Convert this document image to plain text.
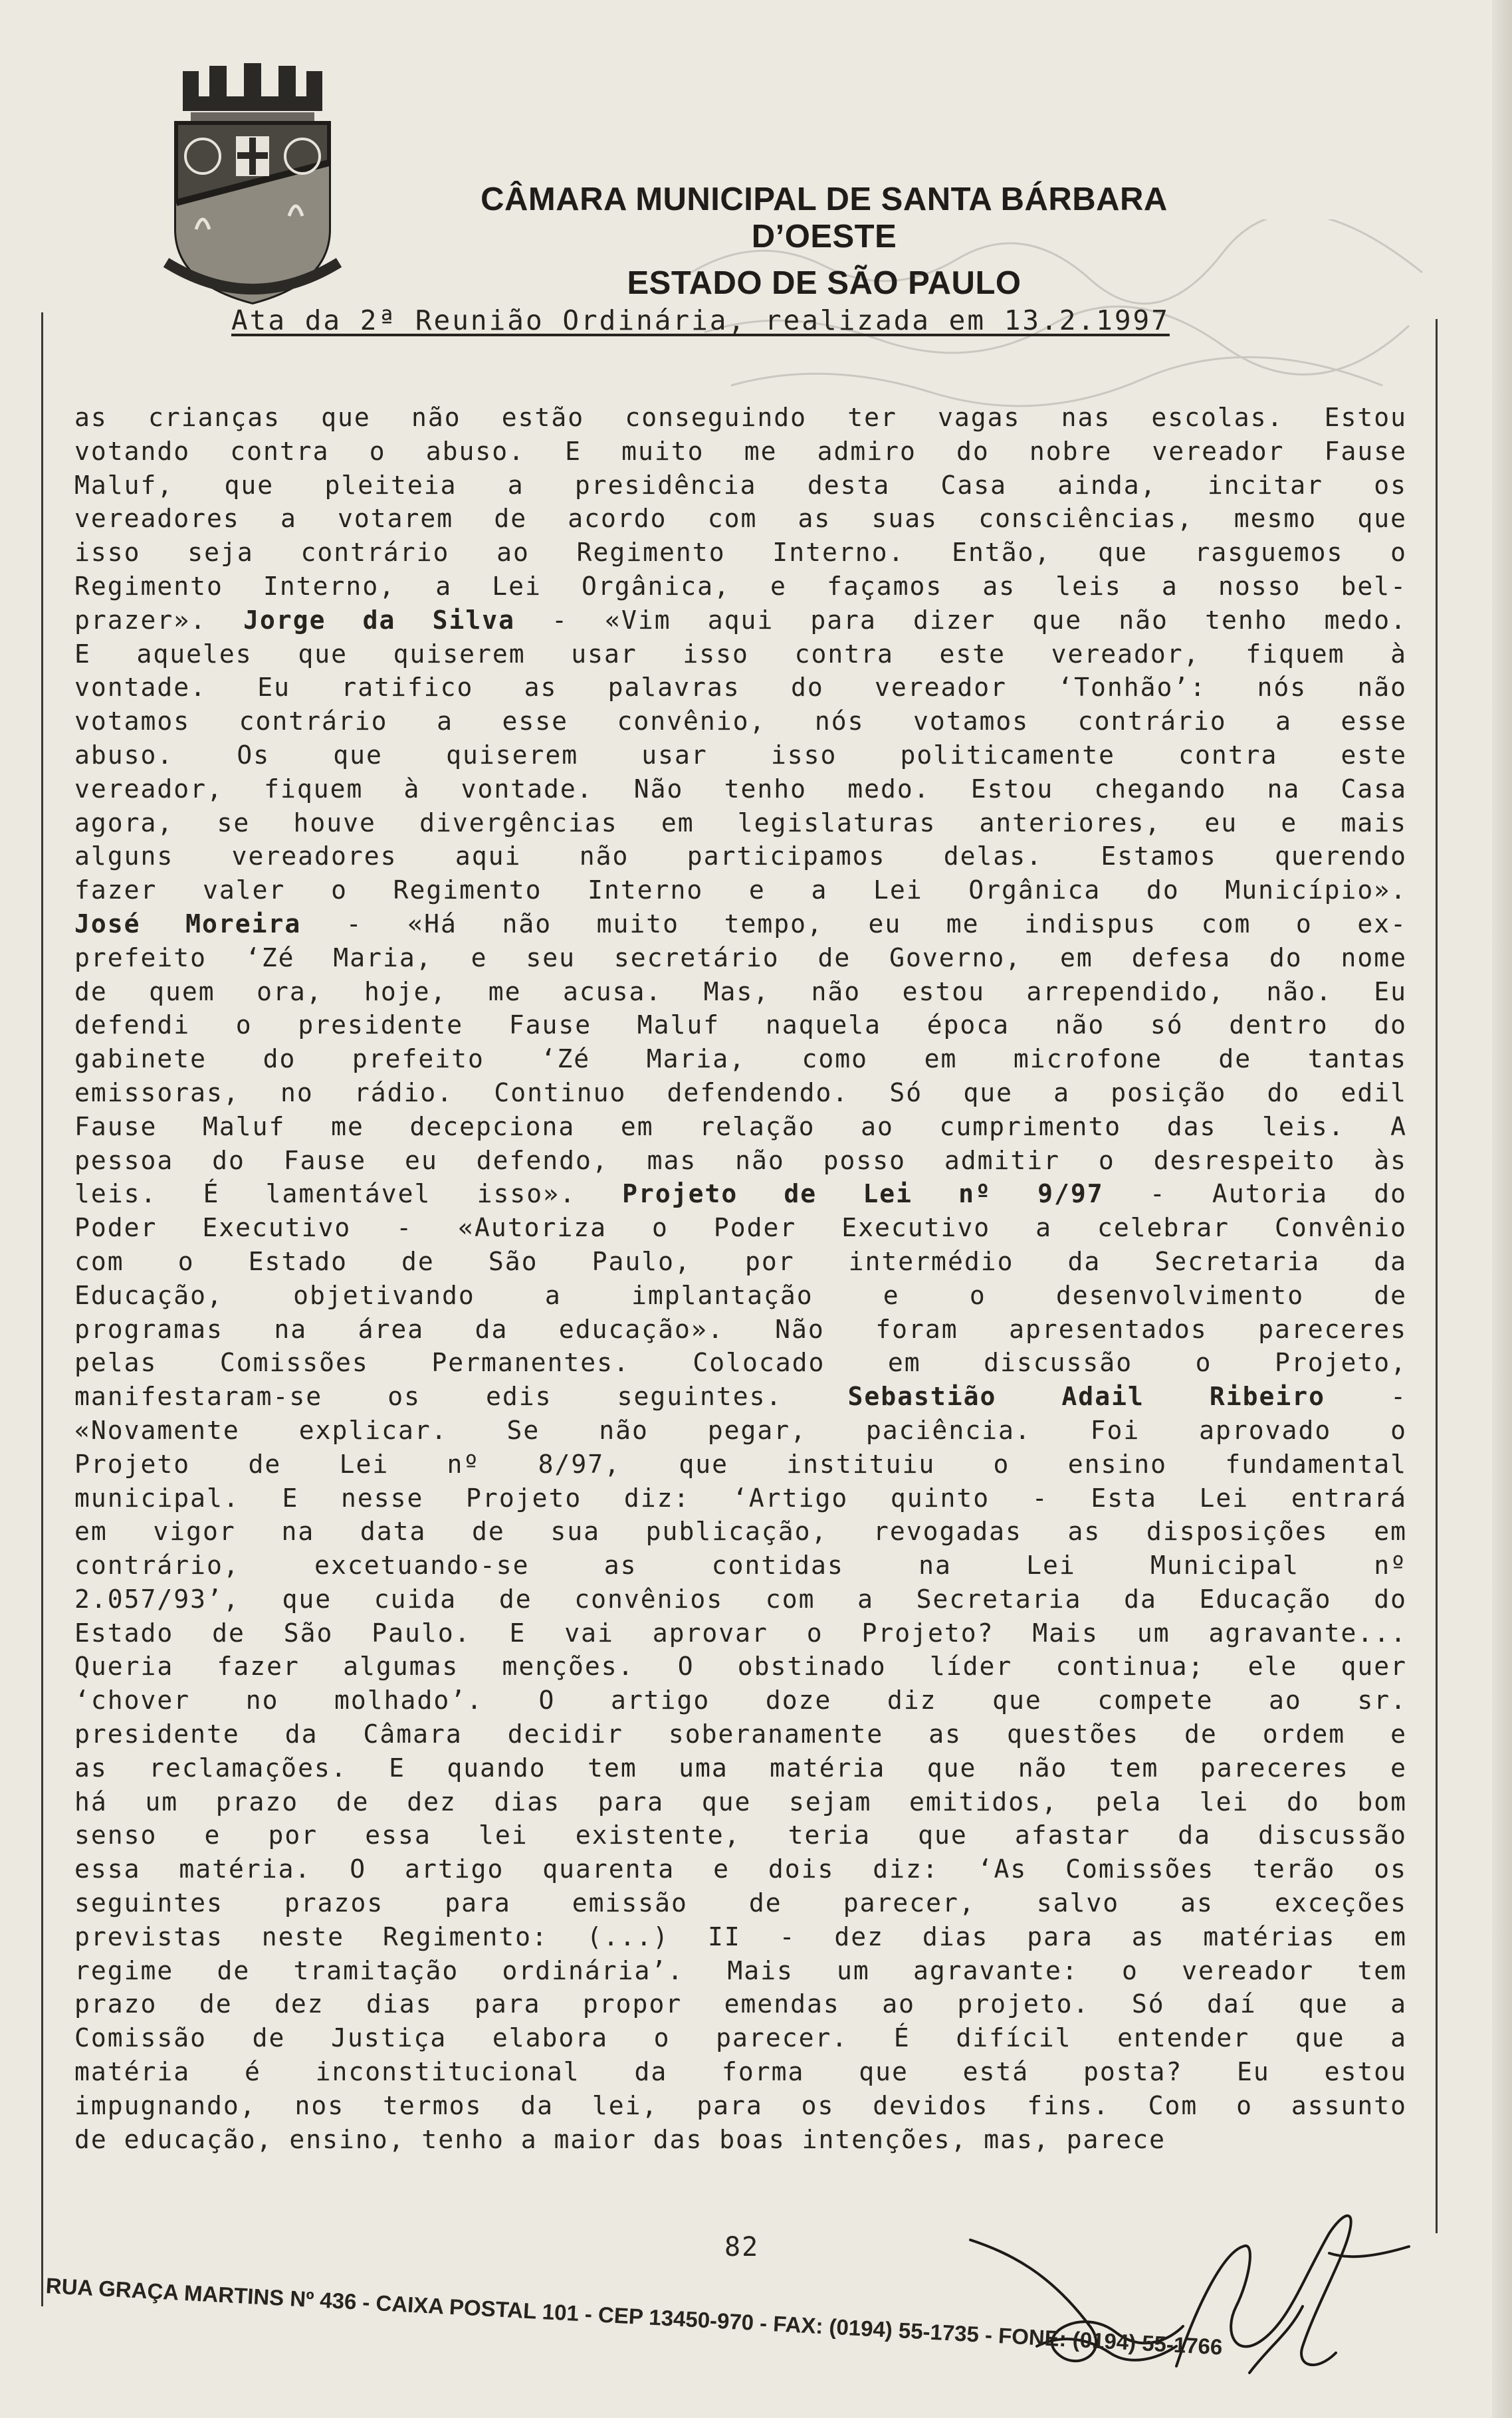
CÂMARA MUNICIPAL DE SANTA BÁRBARA D’OESTE
ESTADO DE SÃO PAULO
Ata da 2ª Reunião Ordinária, realizada em 13.2.1997
as crianças que não estão conseguindo ter vagas nas escolas. Estou
votando contra o abuso. E muito me admiro do nobre vereador Fause
Maluf, que pleiteia a presidência desta Casa ainda, incitar os
vereadores a votarem de acordo com as suas consciências, mesmo que
isso seja contrário ao Regimento Interno. Então, que rasguemos o
Regimento Interno, a Lei Orgânica, e façamos as leis a nosso bel-
prazer». Jorge da Silva - «Vim aqui para dizer que não tenho medo.
E aqueles que quiserem usar isso contra este vereador, fiquem à
vontade. Eu ratifico as palavras do vereador ‘Tonhão’: nós não
votamos contrário a esse convênio, nós votamos contrário a esse
abuso. Os que quiserem usar isso politicamente contra este
vereador, fiquem à vontade. Não tenho medo. Estou chegando na Casa
agora, se houve divergências em legislaturas anteriores, eu e mais
alguns vereadores aqui não participamos delas. Estamos querendo
fazer valer o Regimento Interno e a Lei Orgânica do Município».
José Moreira - «Há não muito tempo, eu me indispus com o ex-
prefeito ‘Zé Maria, e seu secretário de Governo, em defesa do nome
de quem ora, hoje, me acusa. Mas, não estou arrependido, não. Eu
defendi o presidente Fause Maluf naquela época não só dentro do
gabinete do prefeito ‘Zé Maria, como em microfone de tantas
emissoras, no rádio. Continuo defendendo. Só que a posição do edil
Fause Maluf me decepciona em relação ao cumprimento das leis. A
pessoa do Fause eu defendo, mas não posso admitir o desrespeito às
leis. É lamentável isso». Projeto de Lei nº 9/97 - Autoria do
Poder Executivo - «Autoriza o Poder Executivo a celebrar Convênio
com o Estado de São Paulo, por intermédio da Secretaria da
Educação, objetivando a implantação e o desenvolvimento de
programas na área da educação». Não foram apresentados pareceres
pelas Comissões Permanentes. Colocado em discussão o Projeto,
manifestaram-se os edis seguintes. Sebastião Adail Ribeiro -
«Novamente explicar. Se não pegar, paciência. Foi aprovado o
Projeto de Lei nº 8/97, que instituiu o ensino fundamental
municipal. E nesse Projeto diz: ‘Artigo quinto - Esta Lei entrará
em vigor na data de sua publicação, revogadas as disposições em
contrário, excetuando-se as contidas na Lei Municipal nº
2.057/93’, que cuida de convênios com a Secretaria da Educação do
Estado de São Paulo. E vai aprovar o Projeto? Mais um agravante...
Queria fazer algumas menções. O obstinado líder continua; ele quer
‘chover no molhado’. O artigo doze diz que compete ao sr.
presidente da Câmara decidir soberanamente as questões de ordem e
as reclamações. E quando tem uma matéria que não tem pareceres e
há um prazo de dez dias para que sejam emitidos, pela lei do bom
senso e por essa lei existente, teria que afastar da discussão
essa matéria. O artigo quarenta e dois diz: ‘As Comissões terão os
seguintes prazos para emissão de parecer, salvo as exceções
previstas neste Regimento: (...) II - dez dias para as matérias em
regime de tramitação ordinária’. Mais um agravante: o vereador tem
prazo de dez dias para propor emendas ao projeto. Só daí que a
Comissão de Justiça elabora o parecer. É difícil entender que a
matéria é inconstitucional da forma que está posta? Eu estou
impugnando, nos termos da lei, para os devidos fins. Com o assunto
de educação, ensino, tenho a maior das boas intenções, mas, parece
82
RUA GRAÇA MARTINS Nº 436 - CAIXA POSTAL 101 - CEP 13450-970 - FAX: (0194) 55-1735 - FONE: (0194) 55-1766
